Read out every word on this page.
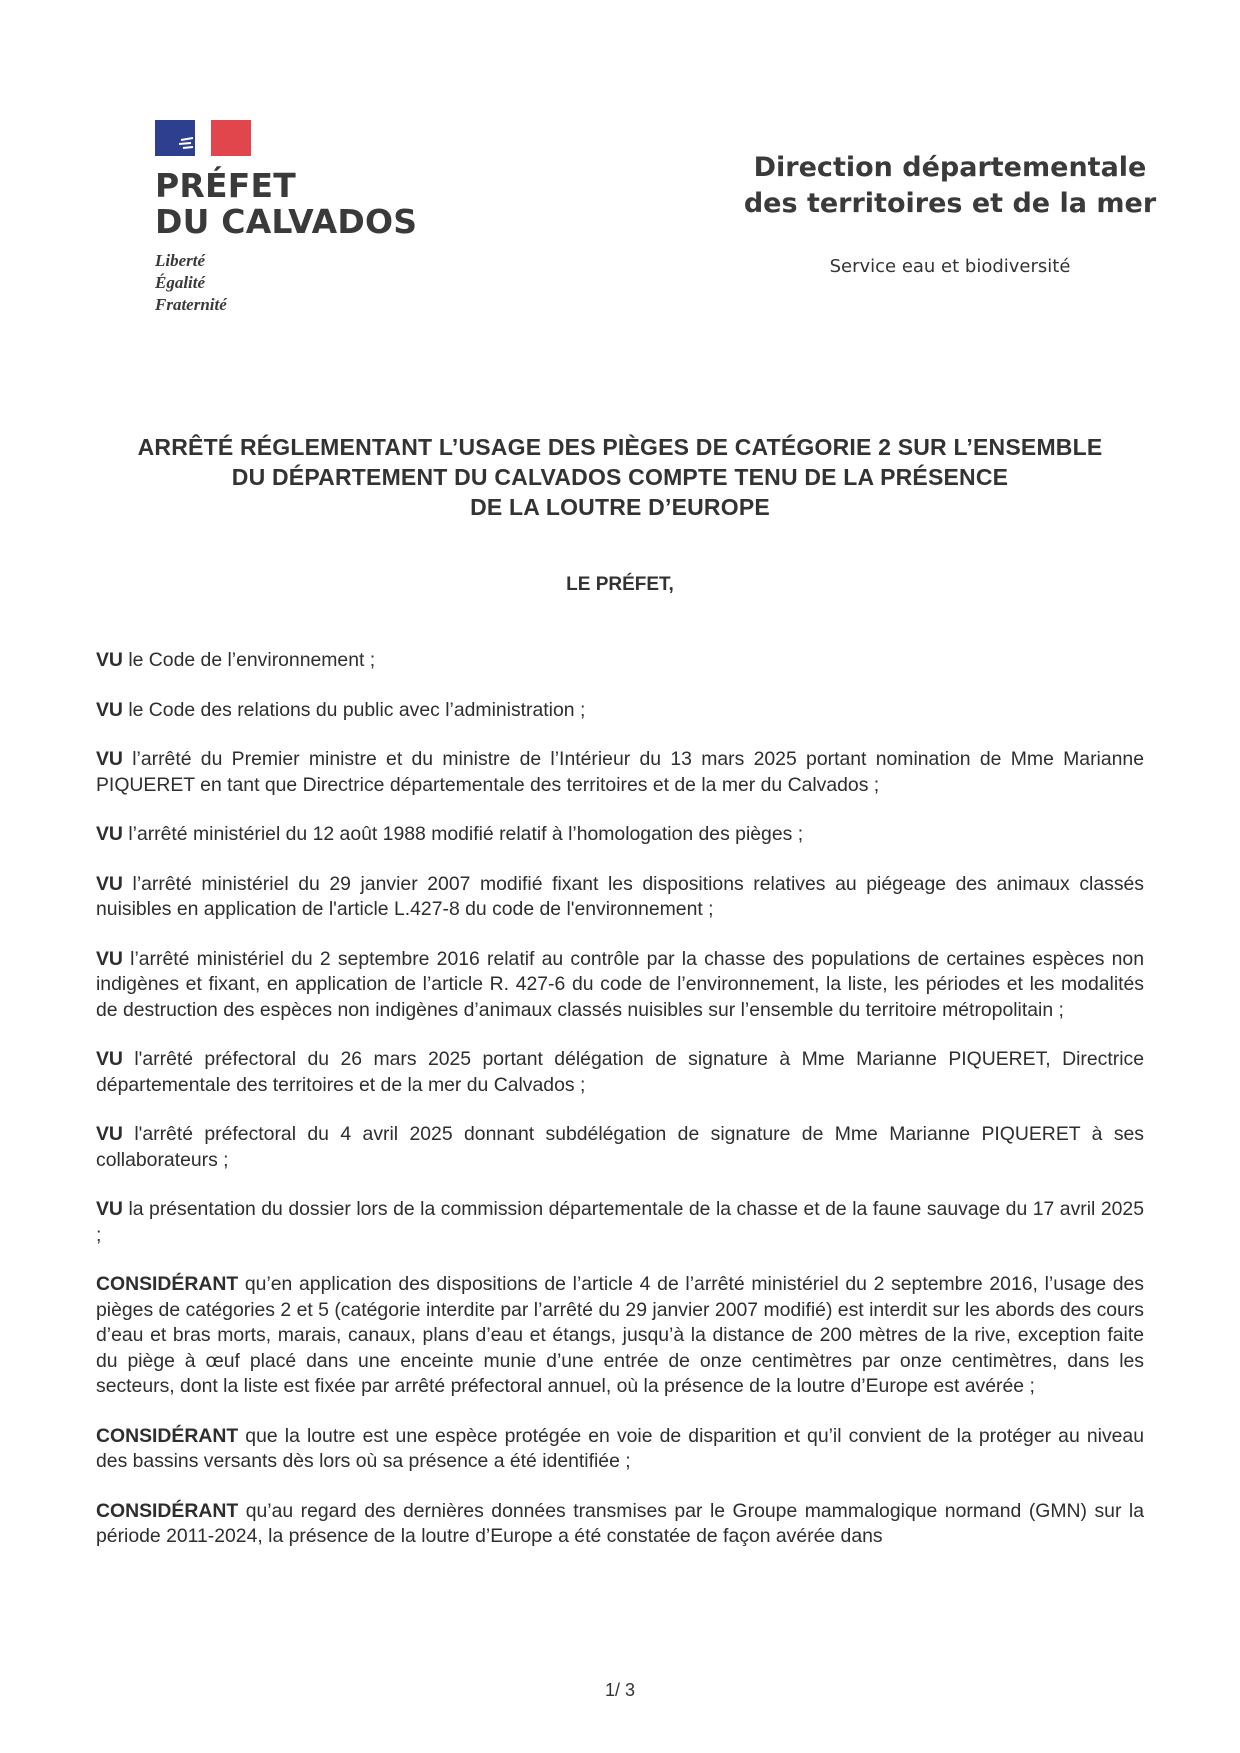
PRÉFET
DU CALVADOS
Liberté
Égalité
Fraternité
Direction départementale
des territoires et de la mer
Service eau et biodiversité
ARRÊTÉ RÉGLEMENTANT L’USAGE DES PIÈGES DE CATÉGORIE 2 SUR L’ENSEMBLE
DU DÉPARTEMENT DU CALVADOS COMPTE TENU DE LA PRÉSENCE
DE LA LOUTRE D’EUROPE
LE PRÉFET,

VU le Code de l’environnement ;

VU le Code des relations du public avec l’administration ;

VU l’arrêté du Premier ministre et du ministre de l’Intérieur du 13 mars 2025 portant nomination de Mme Marianne PIQUERET en tant que Directrice départementale des territoires et de la mer du Calvados ;

VU l’arrêté ministériel du 12 août 1988 modifié relatif à l’homologation des pièges ;

VU l’arrêté ministériel du 29 janvier 2007 modifié fixant les dispositions relatives au piégeage des animaux classés nuisibles en application de l'article L.427-8 du code de l'environnement ;

VU l’arrêté ministériel du 2 septembre 2016 relatif au contrôle par la chasse des populations de certaines espèces non indigènes et fixant, en application de l’article R. 427-6 du code de l’environnement, la liste, les périodes et les modalités de destruction des espèces non indigènes d’animaux classés nuisibles sur l’ensemble du territoire métropolitain ;

VU l'arrêté préfectoral du 26 mars 2025 portant délégation de signature à Mme Marianne PIQUERET, Directrice départementale des territoires et de la mer du Calvados ;

VU l'arrêté préfectoral du 4 avril 2025 donnant subdélégation de signature de Mme Marianne PIQUERET à ses collaborateurs ;

VU la présentation du dossier lors de la commission départementale de la chasse et de la faune sauvage du 17 avril 2025 ;

CONSIDÉRANT qu’en application des dispositions de l’article 4 de l’arrêté ministériel du 2 septembre 2016, l’usage des pièges de catégories 2 et 5 (catégorie interdite par l’arrêté du 29 janvier 2007 modifié) est interdit sur les abords des cours d’eau et bras morts, marais, canaux, plans d’eau et étangs, jusqu’à la distance de 200 mètres de la rive, exception faite du piège à œuf placé dans une enceinte munie d’une entrée de onze centimètres par onze centimètres, dans les secteurs, dont la liste est fixée par arrêté préfectoral annuel, où la présence de la loutre d’Europe est avérée ;

CONSIDÉRANT que la loutre est une espèce protégée en voie de disparition et qu’il convient de la protéger au niveau des bassins versants dès lors où sa présence a été identifiée ;

CONSIDÉRANT qu’au regard des dernières données transmises par le Groupe mammalogique normand (GMN) sur la période 2011-2024, la présence de la loutre d’Europe a été constatée de façon avérée dans

1/ 3
